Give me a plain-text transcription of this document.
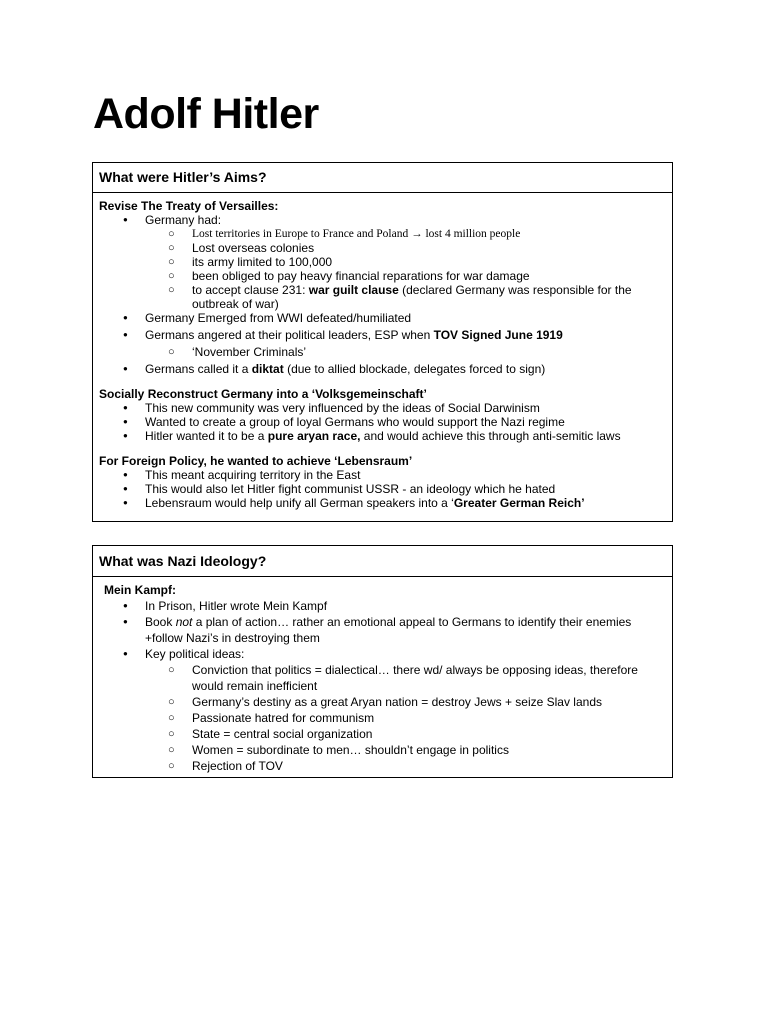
Adolf Hitler
What were Hitler’s Aims?
Revise The Treaty of Versailles:
● Germany had:
○ Lost territories in Europe to France and Poland → lost 4 million people
○ Lost overseas colonies
○ its army limited to 100,000
○ been obliged to pay heavy financial reparations for war damage
○ to accept clause 231: war guilt clause (declared Germany was responsible for the outbreak of war)
● Germany Emerged from WWI defeated/humiliated
● Germans angered at their political leaders, ESP when TOV Signed June 1919
○ ‘November Criminals’
● Germans called it a diktat (due to allied blockade, delegates forced to sign)
Socially Reconstruct Germany into a ‘Volksgemeinschaft’
● This new community was very influenced by the ideas of Social Darwinism
● Wanted to create a group of loyal Germans who would support the Nazi regime
● Hitler wanted it to be a pure aryan race, and would achieve this through anti-semitic laws
For Foreign Policy, he wanted to achieve ‘Lebensraum’
● This meant acquiring territory in the East
● This would also let Hitler fight communist USSR - an ideology which he hated
● Lebensraum would help unify all German speakers into a ‘Greater German Reich’
What was Nazi Ideology?
Mein Kampf:
● In Prison, Hitler wrote Mein Kampf
● Book not a plan of action… rather an emotional appeal to Germans to identify their enemies +follow Nazi’s in destroying them
● Key political ideas:
○ Conviction that politics = dialectical… there wd/ always be opposing ideas, therefore would remain inefficient
○ Germany’s destiny as a great Aryan nation = destroy Jews + seize Slav lands
○ Passionate hatred for communism
○ State = central social organization
○ Women = subordinate to men… shouldn’t engage in politics
○ Rejection of TOV
